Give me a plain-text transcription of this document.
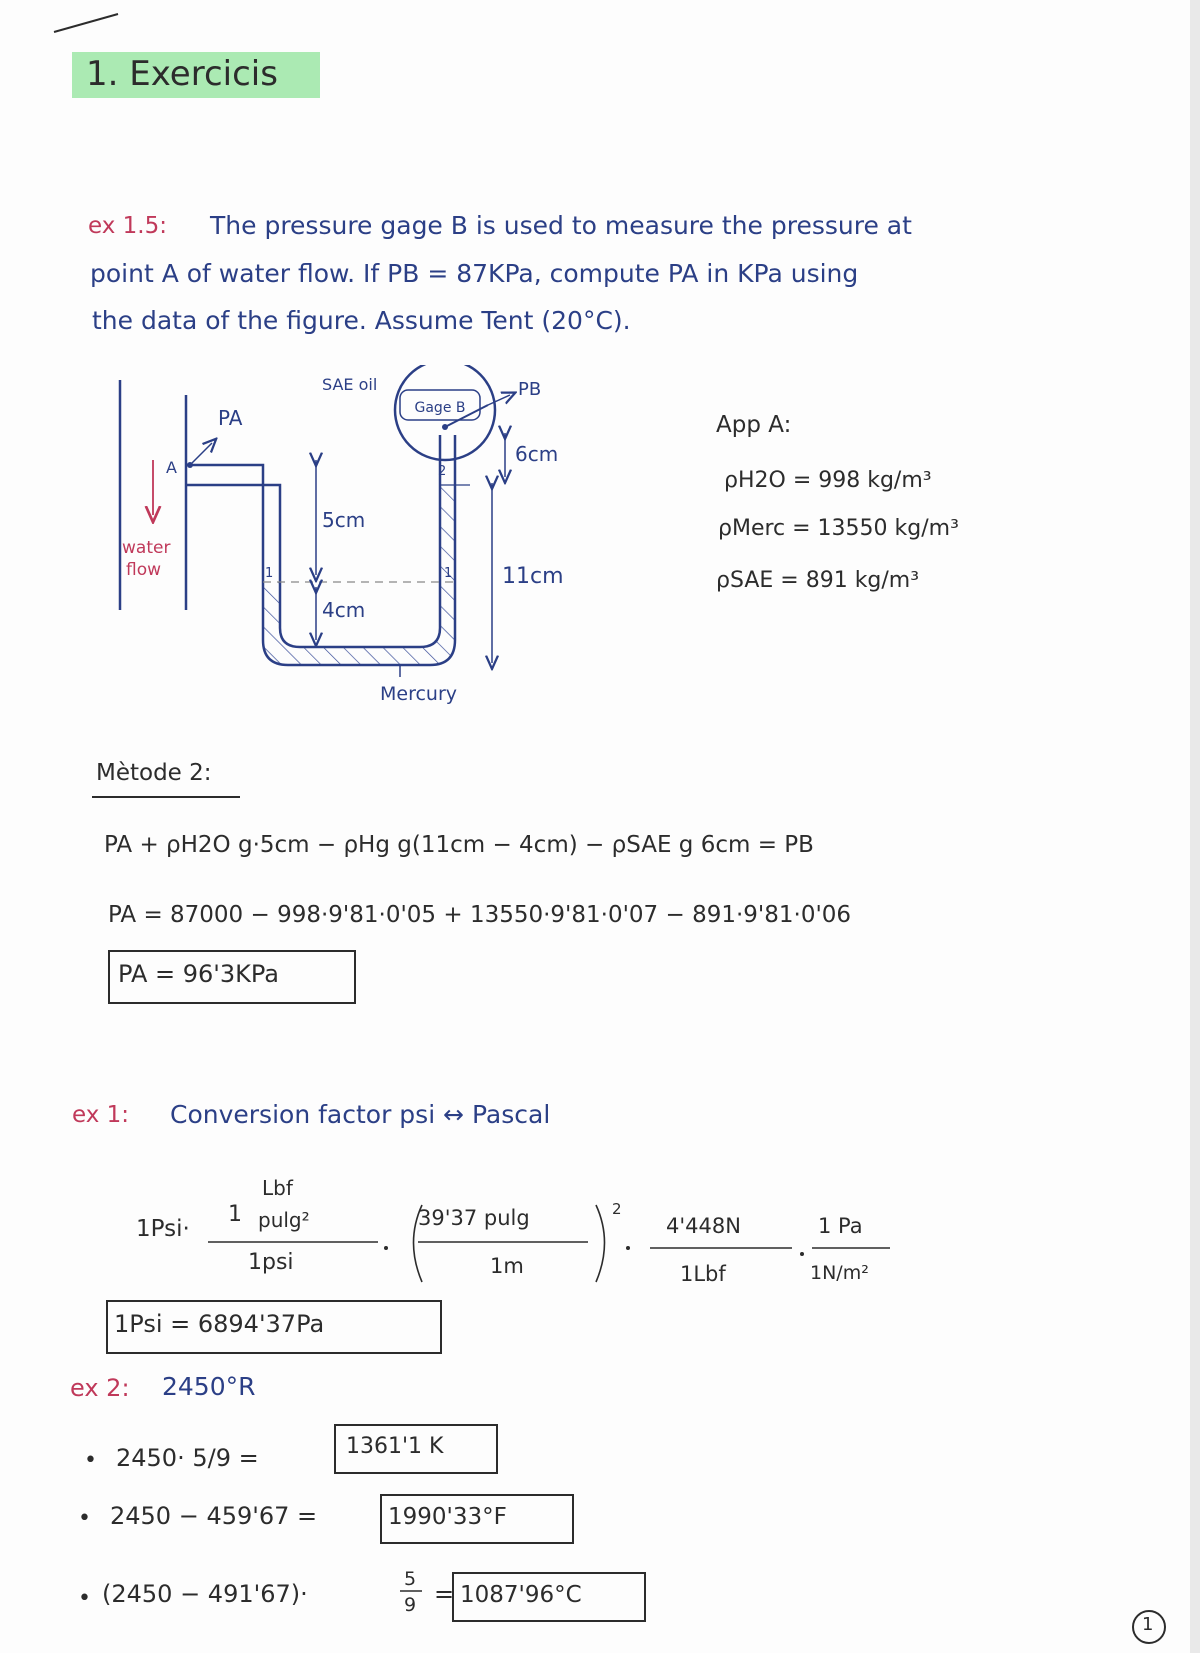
1. Exercicis
ex 1.5: The pressure gage B is used to measure the pressure at
point A of water flow. If PB = 87KPa, compute PA in KPa using
the data of the figure. Assume Tent (20°C).
Gage B
PB
SAE oil
A
PA
water
flow	1	1
2
5cm
4cm
6cm
11cm
Mercury
App A:
ρH2O = 998 kg/m³
ρMerc = 13550 kg/m³
ρSAE = 891 kg/m³
Mètode 2:
PA + ρH2O g·5cm − ρHg g(11cm − 4cm) − ρSAE g 6cm = PB
PA = 87000 − 998·9'81·0'05 + 13550·9'81·0'07 − 891·9'81·0'06
PA = 96'3KPa
ex 1: Conversion factor psi ↔ Pascal
1Psi·
1
Lbf
pulg²
1psi
39'37 pulg
1m
2
4'448N
1Lbf
1 Pa
1N/m²
1Psi = 6894'37Pa
ex 2: 2450°R
• 2450· 5/9 =	1361'1 K
• 2450 − 459'67 =	1990'33°F
• (2450 − 491'67)·
5
9 = 1087'96°C
1
